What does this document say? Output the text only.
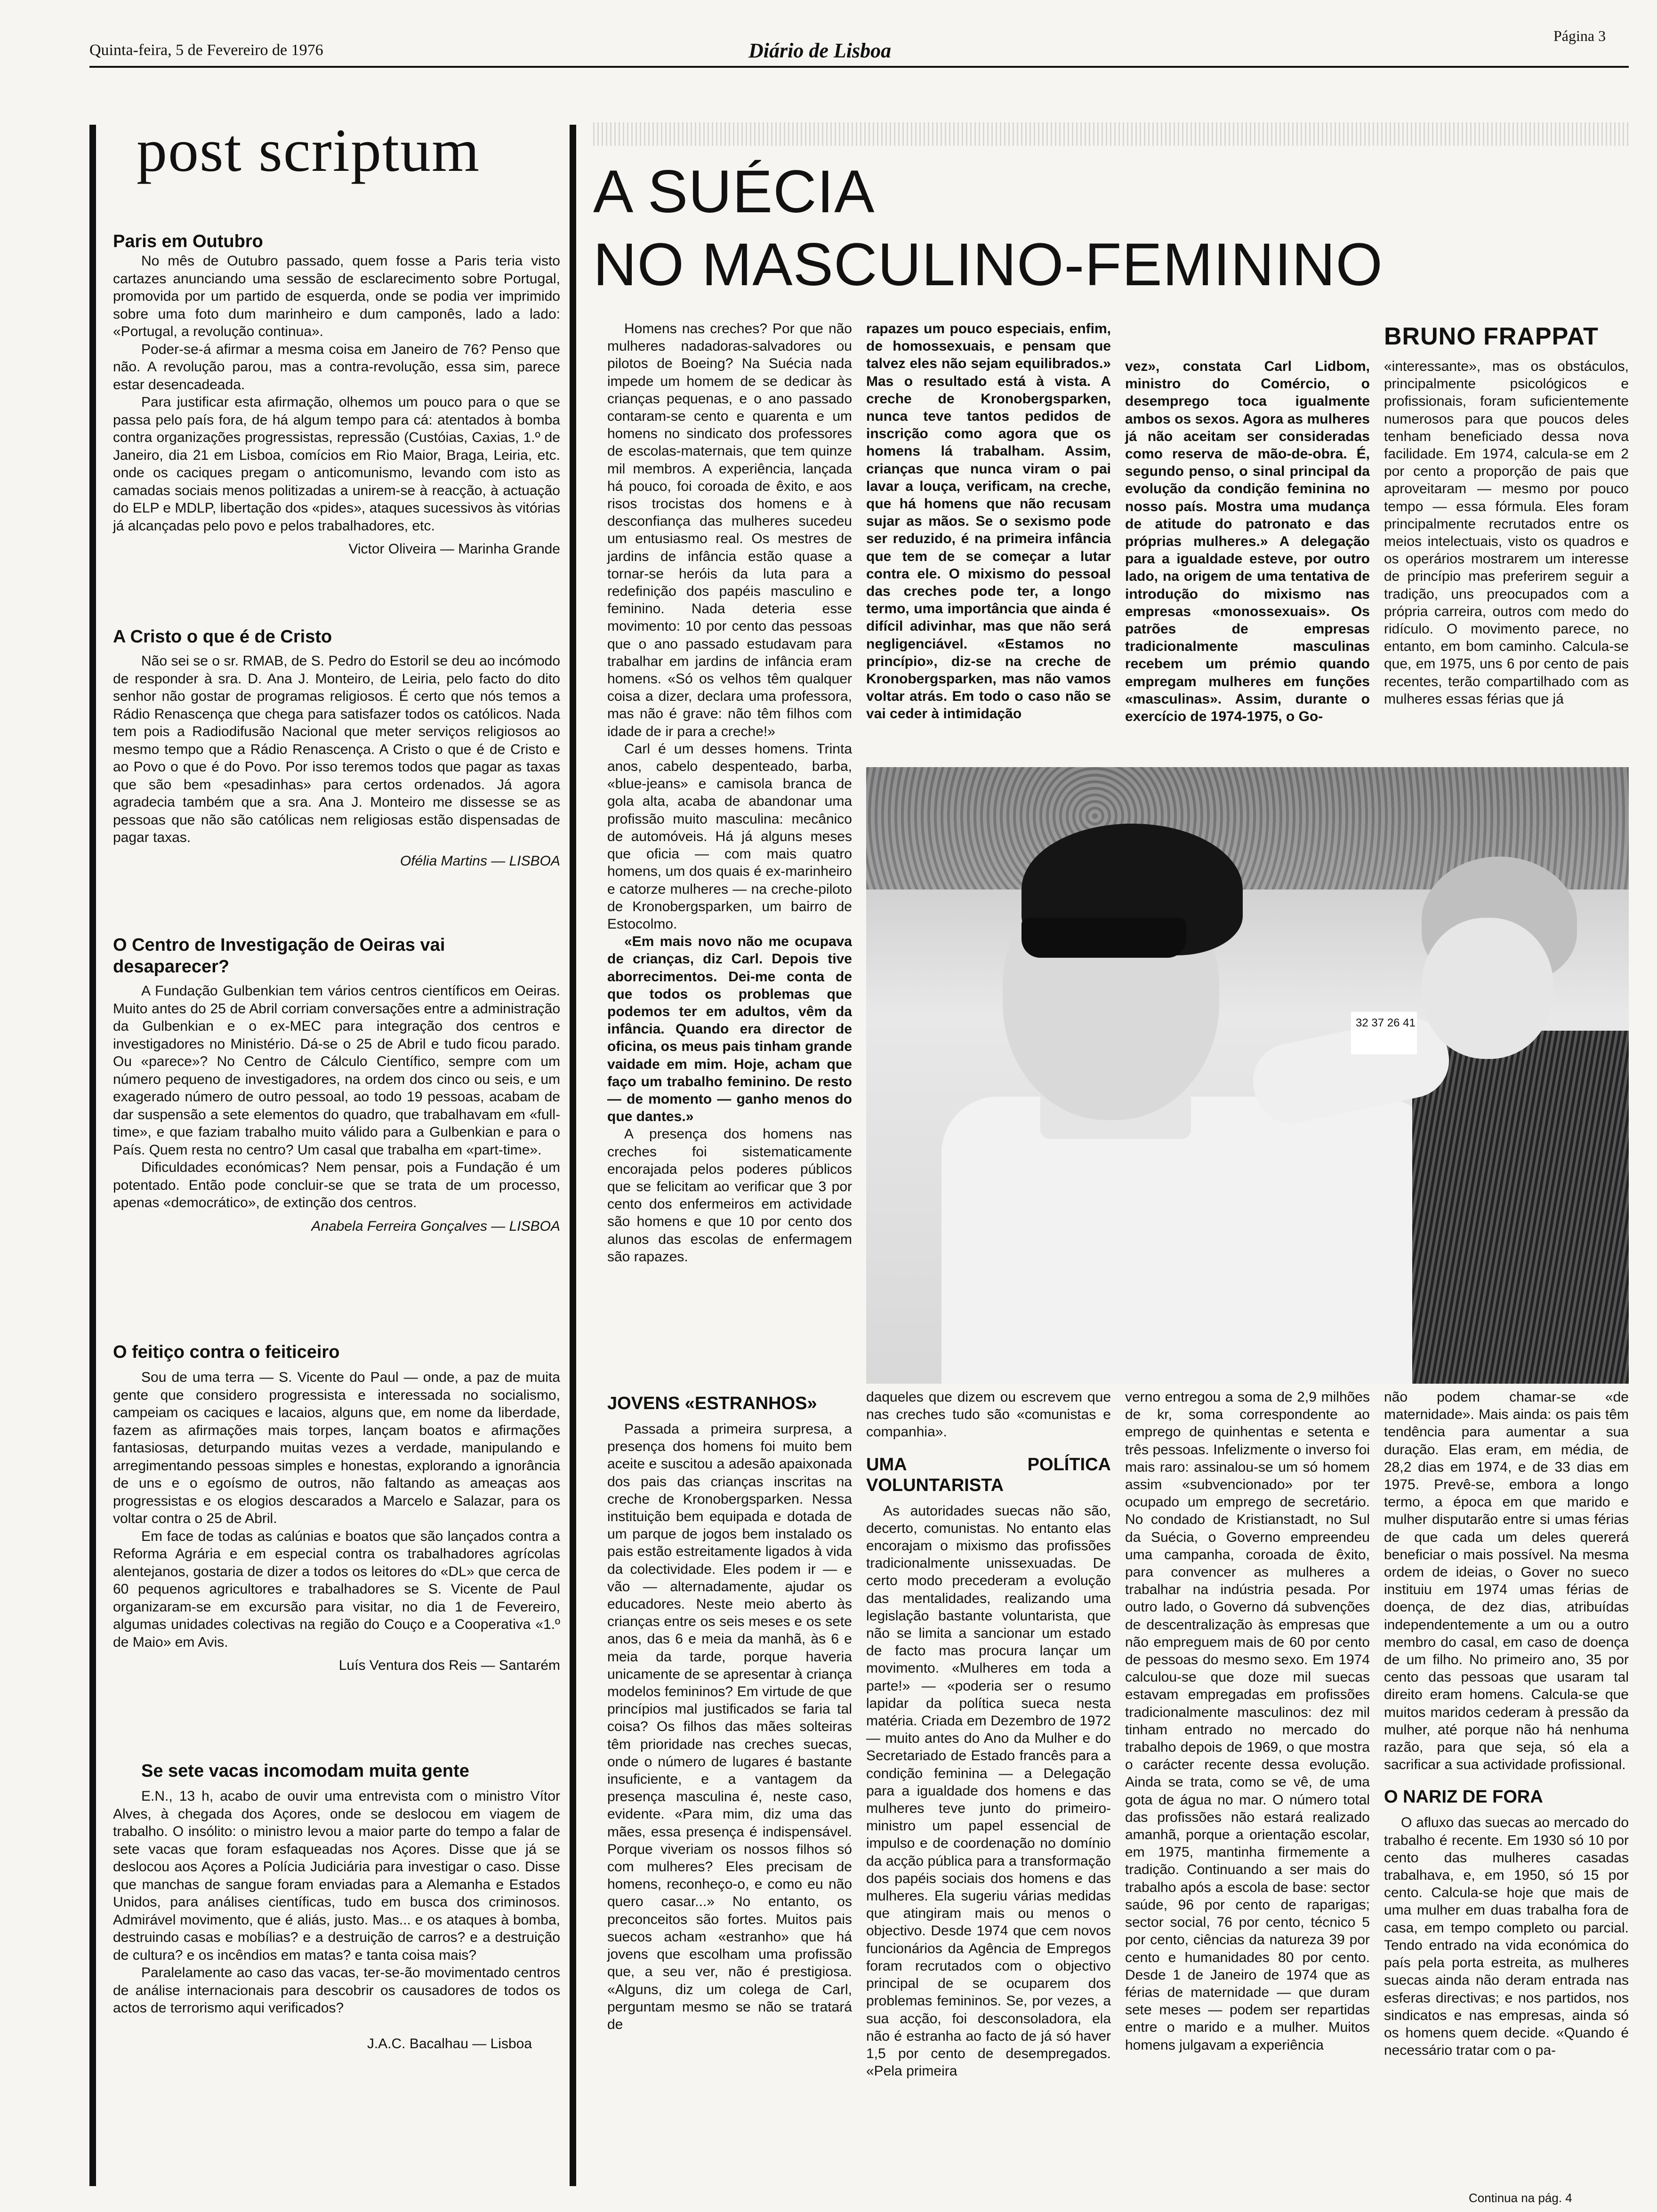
Quinta-feira, 5 de Fevereiro de 1976	Diário de Lisboa
Página 3
post scriptum
Paris em Outubro

No mês de Outubro passado, quem fosse a Paris teria visto cartazes anunciando uma sessão de esclarecimento sobre Portugal, promovida por um partido de esquerda, onde se podia ver imprimido sobre uma foto dum marinheiro e dum camponês, lado a lado: «Portugal, a revolução continua».

Poder-se-á afirmar a mesma coisa em Janeiro de 76? Penso que não. A revolução parou, mas a contra-revolução, essa sim, parece estar desencadeada.

Para justificar esta afirmação, olhemos um pouco para o que se passa pelo país fora, de há algum tempo para cá: atentados à bomba contra organizações progressistas, repressão (Custóias, Caxias, 1.º de Janeiro, dia 21 em Lisboa, comícios em Rio Maior, Braga, Leiria, etc. onde os caciques pregam o anticomunismo, levando com isto as camadas sociais menos politizadas a unirem-se à reacção, à actuação do ELP e MDLP, libertação dos «pides», ataques sucessivos às vitórias já alcançadas pelo povo e pelos trabalhadores, etc.

Victor Oliveira — Marinha Grande
A Cristo o que é de Cristo

Não sei se o sr. RMAB, de S. Pedro do Estoril se deu ao incómodo de responder à sra. D. Ana J. Monteiro, de Leiria, pelo facto do dito senhor não gostar de programas religiosos. É certo que nós temos a Rádio Renascença que chega para satisfazer todos os católicos. Nada tem pois a Radiodifusão Nacional que meter serviços religiosos ao mesmo tempo que a Rádio Renascença. A Cristo o que é de Cristo e ao Povo o que é do Povo. Por isso teremos todos que pagar as taxas que são bem «pesadinhas» para certos ordenados. Já agora agradecia também que a sra. Ana J. Monteiro me dissesse se as pessoas que não são católicas nem religiosas estão dispensadas de pagar taxas.

Ofélia Martins — LISBOA
O Centro de Investigação de Oeiras vai desaparecer?

A Fundação Gulbenkian tem vários centros científicos em Oeiras. Muito antes do 25 de Abril corriam conversações entre a administração da Gulbenkian e o ex-MEC para integração dos centros e investigadores no Ministério. Dá-se o 25 de Abril e tudo ficou parado. Ou «parece»? No Centro de Cálculo Científico, sempre com um número pequeno de investigadores, na ordem dos cinco ou seis, e um exagerado número de outro pessoal, ao todo 19 pessoas, acabam de dar suspensão a sete elementos do quadro, que trabalhavam em «full-time», e que faziam trabalho muito válido para a Gulbenkian e para o País. Quem resta no centro? Um casal que trabalha em «part-time».

Dificuldades económicas? Nem pensar, pois a Fundação é um potentado. Então pode concluir-se que se trata de um processo, apenas «democrático», de extinção dos centros.

Anabela Ferreira Gonçalves — LISBOA
O feitiço contra o feiticeiro

Sou de uma terra — S. Vicente do Paul — onde, a paz de muita gente que considero progressista e interessada no socialismo, campeiam os caciques e lacaios, alguns que, em nome da liberdade, fazem as afirmações mais torpes, lançam boatos e afirmações fantasiosas, deturpando muitas vezes a verdade, manipulando e arregimentando pessoas simples e honestas, explorando a ignorância de uns e o egoísmo de outros, não faltando as ameaças aos progressistas e os elogios descarados a Marcelo e Salazar, para os voltar contra o 25 de Abril.

Em face de todas as calúnias e boatos que são lançados contra a Reforma Agrária e em especial contra os trabalhadores agrícolas alentejanos, gostaria de dizer a todos os leitores do «DL» que cerca de 60 pequenos agricultores e trabalhadores se S. Vicente de Paul organizaram-se em excursão para visitar, no dia 1 de Fevereiro, algumas unidades colectivas na região do Couço e a Cooperativa «1.º de Maio» em Avis.

Luís Ventura dos Reis — Santarém
Se sete vacas incomodam muita gente

E.N., 13 h, acabo de ouvir uma entrevista com o ministro Vítor Alves, à chegada dos Açores, onde se deslocou em viagem de trabalho. O insólito: o ministro levou a maior parte do tempo a falar de sete vacas que foram esfaqueadas nos Açores. Disse que já se deslocou aos Açores a Polícia Judiciária para investigar o caso. Disse que manchas de sangue foram enviadas para a Alemanha e Estados Unidos, para análises científicas, tudo em busca dos criminosos. Admirável movimento, que é aliás, justo. Mas... e os ataques à bomba, destruindo casas e mobílias? e a destruição de carros? e a destruição de cultura? e os incêndios em matas? e tanta coisa mais?

Paralelamente ao caso das vacas, ter-se-ão movimentado centros de análise internacionais para descobrir os causadores de todos os actos de terrorismo aqui verificados?

J.A.C. Bacalhau — Lisboa
A SUÉCIA
NO MASCULINO-FEMININO
BRUNO FRAPPAT

Homens nas creches? Por que não mulheres nadadoras-salvadores ou pilotos de Boeing? Na Suécia nada impede um homem de se dedicar às crianças pequenas, e o ano passado contaram-se cento e quarenta e um homens no sindicato dos professores de escolas-maternais, que tem quinze mil membros. A experiência, lançada há pouco, foi coroada de êxito, e aos risos trocistas dos homens e à desconfiança das mulheres sucedeu um entusiasmo real. Os mestres de jardins de infância estão quase a tornar-se heróis da luta para a redefinição dos papéis masculino e feminino. Nada deteria esse movimento: 10 por cento das pessoas que o ano passado estudavam para trabalhar em jardins de infância eram homens. «Só os velhos têm qualquer coisa a dizer, declara uma professora, mas não é grave: não têm filhos com idade de ir para a creche!»

Carl é um desses homens. Trinta anos, cabelo despenteado, barba, «blue-jeans» e camisola branca de gola alta, acaba de abandonar uma profissão muito masculina: mecânico de automóveis. Há já alguns meses que oficia — com mais quatro homens, um dos quais é ex-marinheiro e catorze mulheres — na creche-piloto de Kronobergsparken, um bairro de Estocolmo.

«Em mais novo não me ocupava de crianças, diz Carl. Depois tive aborrecimentos. Dei-me conta de que todos os problemas que podemos ter em adultos, vêm da infância. Quando era director de oficina, os meus pais tinham grande vaidade em mim. Hoje, acham que faço um trabalho feminino. De resto — de momento — ganho menos do que dantes.»

A presença dos homens nas creches foi sistematicamente encorajada pelos poderes públicos que se felicitam ao verificar que 3 por cento dos enfermeiros em actividade são homens e que 10 por cento dos alunos das escolas de enfermagem são rapazes.

JOVENS «ESTRANHOS»

Passada a primeira surpresa, a presença dos homens foi muito bem aceite e suscitou a adesão apaixonada dos pais das crianças inscritas na creche de Kronobergsparken. Nessa instituição bem equipada e dotada de um parque de jogos bem instalado os pais estão estreitamente ligados à vida da colectividade. Eles podem ir — e vão — alternadamente, ajudar os educadores. Neste meio aberto às crianças entre os seis meses e os sete anos, das 6 e meia da manhã, às 6 e meia da tarde, porque haveria unicamente de se apresentar à criança modelos femininos? Em virtude de que princípios mal justificados se faria tal coisa? Os filhos das mães solteiras têm prioridade nas creches suecas, onde o número de lugares é bastante insuficiente, e a vantagem da presença masculina é, neste caso, evidente. «Para mim, diz uma das mães, essa presença é indispensável. Porque viveriam os nossos filhos só com mulheres? Eles precisam de homens, reconheço-o, e como eu não quero casar...» No entanto, os preconceitos são fortes. Muitos pais suecos acham «estranho» que há jovens que escolham uma profissão que, a seu ver, não é prestigiosa. «Alguns, diz um colega de Carl, perguntam mesmo se não se tratará de

rapazes um pouco especiais, enfim, de homossexuais, e pensam que talvez eles não sejam equilibrados.» Mas o resultado está à vista. A creche de Kronobergsparken, nunca teve tantos pedidos de inscrição como agora que os homens lá trabalham. Assim, crianças que nunca viram o pai lavar a louça, verificam, na creche, que há homens que não recusam sujar as mãos. Se o sexismo pode ser reduzido, é na primeira infância que tem de se começar a lutar contra ele. O mixismo do pessoal das creches pode ter, a longo termo, uma importância que ainda é difícil adivinhar, mas que não será negligenciável. «Estamos no princípio», diz-se na creche de Kronobergsparken, mas não vamos voltar atrás. Em todo o caso não se vai ceder à intimidação

daqueles que dizem ou escrevem que nas creches tudo são «comunistas e companhia».

UMA POLÍTICA VOLUNTARISTA

As autoridades suecas não são, decerto, comunistas. No entanto elas encorajam o mixismo das profissões tradicionalmente unissexuadas. De certo modo precederam a evolução das mentalidades, realizando uma legislação bastante voluntarista, que não se limita a sancionar um estado de facto mas procura lançar um movimento. «Mulheres em toda a parte!» — «poderia ser o resumo lapidar da política sueca nesta matéria. Criada em Dezembro de 1972 — muito antes do Ano da Mulher e do Secretariado de Estado francês para a condição feminina — a Delegação para a igualdade dos homens e das mulheres teve junto do primeiro-ministro um papel essencial de impulso e de coordenação no domínio da acção pública para a transformação dos papéis sociais dos homens e das mulheres. Ela sugeriu várias medidas que atingiram mais ou menos o objectivo. Desde 1974 que cem novos funcionários da Agência de Empregos foram recrutados com o objectivo principal de se ocuparem dos problemas femininos. Se, por vezes, a sua acção, foi desconsoladora, ela não é estranha ao facto de já só haver 1,5 por cento de desempregados. «Pela primeira

vez», constata Carl Lidbom, ministro do Comércio, o desemprego toca igualmente ambos os sexos. Agora as mulheres já não aceitam ser consideradas como reserva de mão-de-obra. É, segundo penso, o sinal principal da evolução da condição feminina no nosso país. Mostra uma mudança de atitude do patronato e das próprias mulheres.» A delegação para a igualdade esteve, por outro lado, na origem de uma tentativa de introdução do mixismo nas empresas «monossexuais». Os patrões de empresas tradicionalmente masculinas recebem um prémio quando empregam mulheres em funções «masculinas». Assim, durante o exercício de 1974-1975, o Go-

verno entregou a soma de 2,9 milhões de kr, soma correspondente ao emprego de quinhentas e setenta e três pessoas. Infelizmente o inverso foi mais raro: assinalou-se um só homem assim «subvencionado» por ter ocupado um emprego de secretário. No condado de Kristianstadt, no Sul da Suécia, o Governo empreendeu uma campanha, coroada de êxito, para convencer as mulheres a trabalhar na indústria pesada. Por outro lado, o Governo dá subvenções de descentralização às empresas que não empreguem mais de 60 por cento de pessoas do mesmo sexo. Em 1974 calculou-se que doze mil suecas estavam empregadas em profissões tradicionalmente masculinos: dez mil tinham entrado no mercado do trabalho depois de 1969, o que mostra o carácter recente dessa evolução. Ainda se trata, como se vê, de uma gota de água no mar. O número total das profissões não estará realizado amanhã, porque a orientação escolar, em 1975, mantinha firmemente a tradição. Continuando a ser mais do trabalho após a escola de base: sector saúde, 96 por cento de raparigas; sector social, 76 por cento, técnico 5 por cento, ciências da natureza 39 por cento e humanidades 80 por cento. Desde 1 de Janeiro de 1974 que as férias de maternidade — que duram sete meses — podem ser repartidas entre o marido e a mulher. Muitos homens julgavam a experiência

«interessante», mas os obstáculos, principalmente psicológicos e profissionais, foram suficientemente numerosos para que poucos deles tenham beneficiado dessa nova facilidade. Em 1974, calcula-se em 2 por cento a proporção de pais que aproveitaram — mesmo por pouco tempo — essa fórmula. Eles foram principalmente recrutados entre os meios intelectuais, visto os quadros e os operários mostrarem um interesse de princípio mas preferirem seguir a tradição, uns preocupados com a própria carreira, outros com medo do ridículo. O movimento parece, no entanto, em bom caminho. Calcula-se que, em 1975, uns 6 por cento de pais recentes, terão compartilhado com as mulheres essas férias que já

não podem chamar-se «de maternidade». Mais ainda: os pais têm tendência para aumentar a sua duração. Elas eram, em média, de 28,2 dias em 1974, e de 33 dias em 1975. Prevê-se, embora a longo termo, a época em que marido e mulher disputarão entre si umas férias de que cada um deles quererá beneficiar o mais possível. Na mesma ordem de ideias, o Gover no sueco instituiu em 1974 umas férias de doença, de dez dias, atribuídas independentemente a um ou a outro membro do casal, em caso de doença de um filho. No primeiro ano, 35 por cento das pessoas que usaram tal direito eram homens. Calcula-se que muitos maridos cederam à pressão da mulher, até porque não há nenhuma razão, para que seja, só ela a sacrificar a sua actividade profissional.

O NARIZ DE FORA

O afluxo das suecas ao mercado do trabalho é recente. Em 1930 só 10 por cento das mulheres casadas trabalhava, e, em 1950, só 15 por cento. Calcula-se hoje que mais de uma mulher em duas trabalha fora de casa, em tempo completo ou parcial. Tendo entrado na vida económica do país pela porta estreita, as mulheres suecas ainda não deram entrada nas esferas directivas; e nos partidos, nos sindicatos e nas empresas, ainda só os homens quem decide. «Quando é necessário tratar com o pa-

32 37 26 41
Continua na pág. 4
